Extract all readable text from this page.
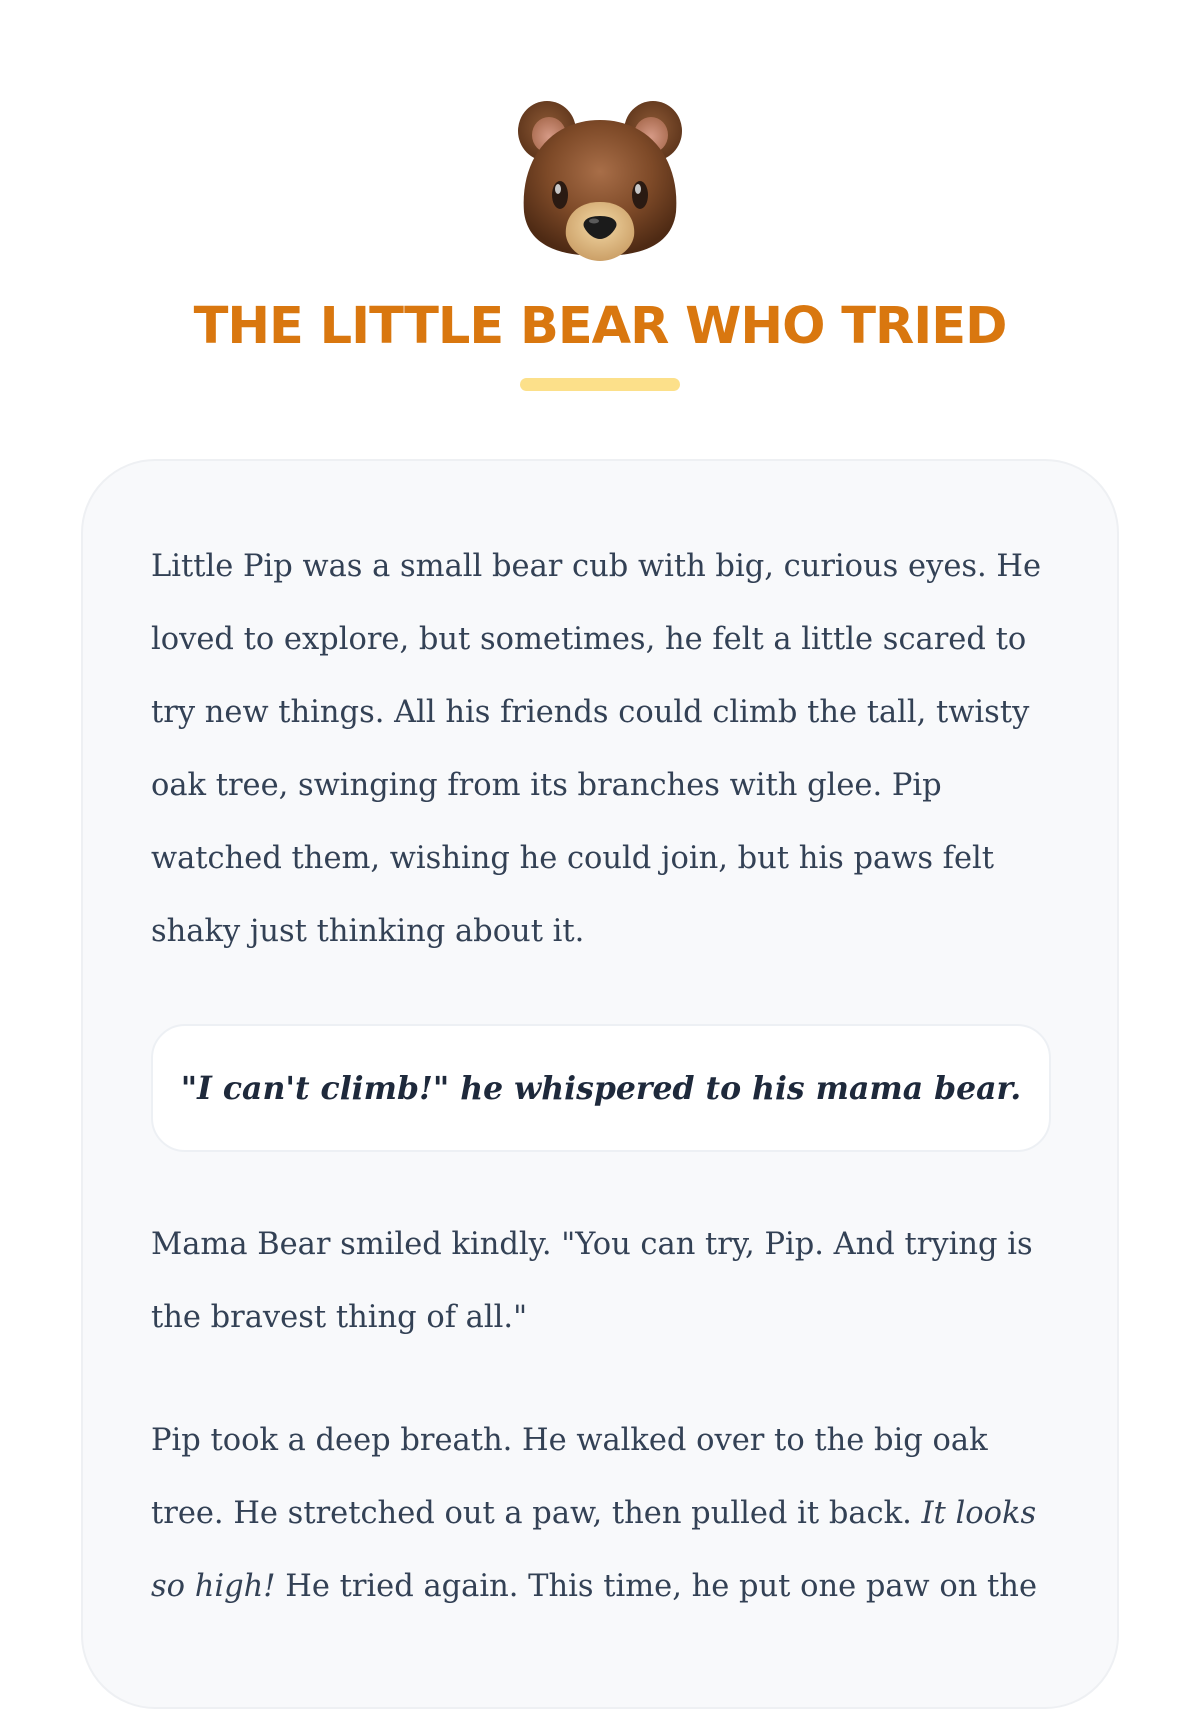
THE LITTLE BEAR WHO TRIED

Little Pip was a small bear cub with big, curious eyes. He loved to explore, but sometimes, he felt a little scared to try new things. All his friends could climb the tall, twisty oak tree, swinging from its branches with glee. Pip watched them, wishing he could join, but his paws felt shaky just thinking about it.

"I can't climb!" he whispered to his mama bear.

Mama Bear smiled kindly. "You can try, Pip. And trying is the bravest thing of all."

Pip took a deep breath. He walked over to the big oak tree. He stretched out a paw, then pulled it back. It looks so high! He tried again. This time, he put one paw on the
